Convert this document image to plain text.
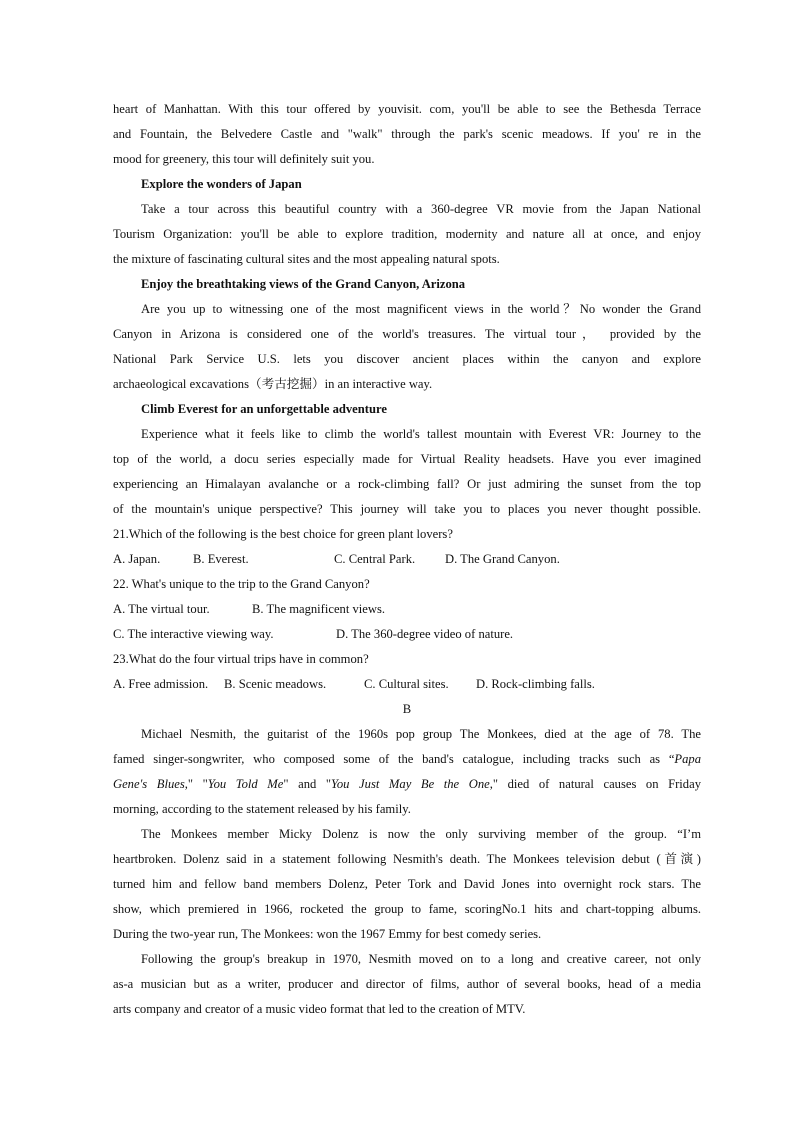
heart of Manhattan. With this tour offered by youvisit. com, you'll be able to see the Bethesda Terrace
and Fountain, the Belvedere Castle and "walk" through the park's scenic meadows. If you' re in the
mood for greenery, this tour will definitely suit you.
Explore the wonders of Japan
Take a tour across this beautiful country with a 360-degree VR movie from the Japan National
Tourism Organization: you'll be able to explore tradition, modernity and nature all at once, and enjoy
the mixture of fascinating cultural sites and the most appealing natural spots.
Enjoy the breathtaking views of the Grand Canyon, Arizona
Are you up to witnessing one of the most magnificent views in the world？No wonder the Grand
Canyon in Arizona is considered one of the world's treasures. The virtual tour， provided by the
National Park Service U.S. lets you discover ancient places within the canyon and explore
archaeological excavations（考古挖掘）in an interactive way.
Climb Everest for an unforgettable adventure
Experience what it feels like to climb the world's tallest mountain with Everest VR: Journey to the
top of the world, a docu series especially made for Virtual Reality headsets. Have you ever imagined
experiencing an Himalayan avalanche or a rock-climbing fall? Or just admiring the sunset from the top
of the mountain's unique perspective? This journey will take you to places you never thought possible.
21.Which of the following is the best choice for green plant lovers?
A. Japan.	B. Everest.	C. Central Park. D. The Grand Canyon.
22. What's unique to the trip to the Grand Canyon?
A. The virtual tour.	B. The magnificent views.
C. The interactive viewing way.	D. The 360-degree video of nature.
23.What do the four virtual trips have in common?
A. Free admission. B. Scenic meadows.	C. Cultural sites. D. Rock-climbing falls.
B
Michael Nesmith, the guitarist of the 1960s pop group The Monkees, died at the age of 78. The
famed singer-songwriter, who composed some of the band's catalogue, including tracks such as “Papa
Gene's Blues," "You Told Me" and "You Just May Be the One," died of natural causes on Friday
morning, according to the statement released by his family.
The Monkees member Micky Dolenz is now the only surviving member of the group. “I’m
heartbroken. Dolenz said in a statement following Nesmith's death. The Monkees television debut (首演)
turned him and fellow band members Dolenz, Peter Tork and David Jones into overnight rock stars. The
show, which premiered in 1966, rocketed the group to fame, scoringNo.1 hits and chart-topping albums.
During the two-year run, The Monkees: won the 1967 Emmy for best comedy series.
Following the group's breakup in 1970, Nesmith moved on to a long and creative career, not only
as-a musician but as a writer, producer and director of films, author of several books, head of a media
arts company and creator of a music video format that led to the creation of MTV.
